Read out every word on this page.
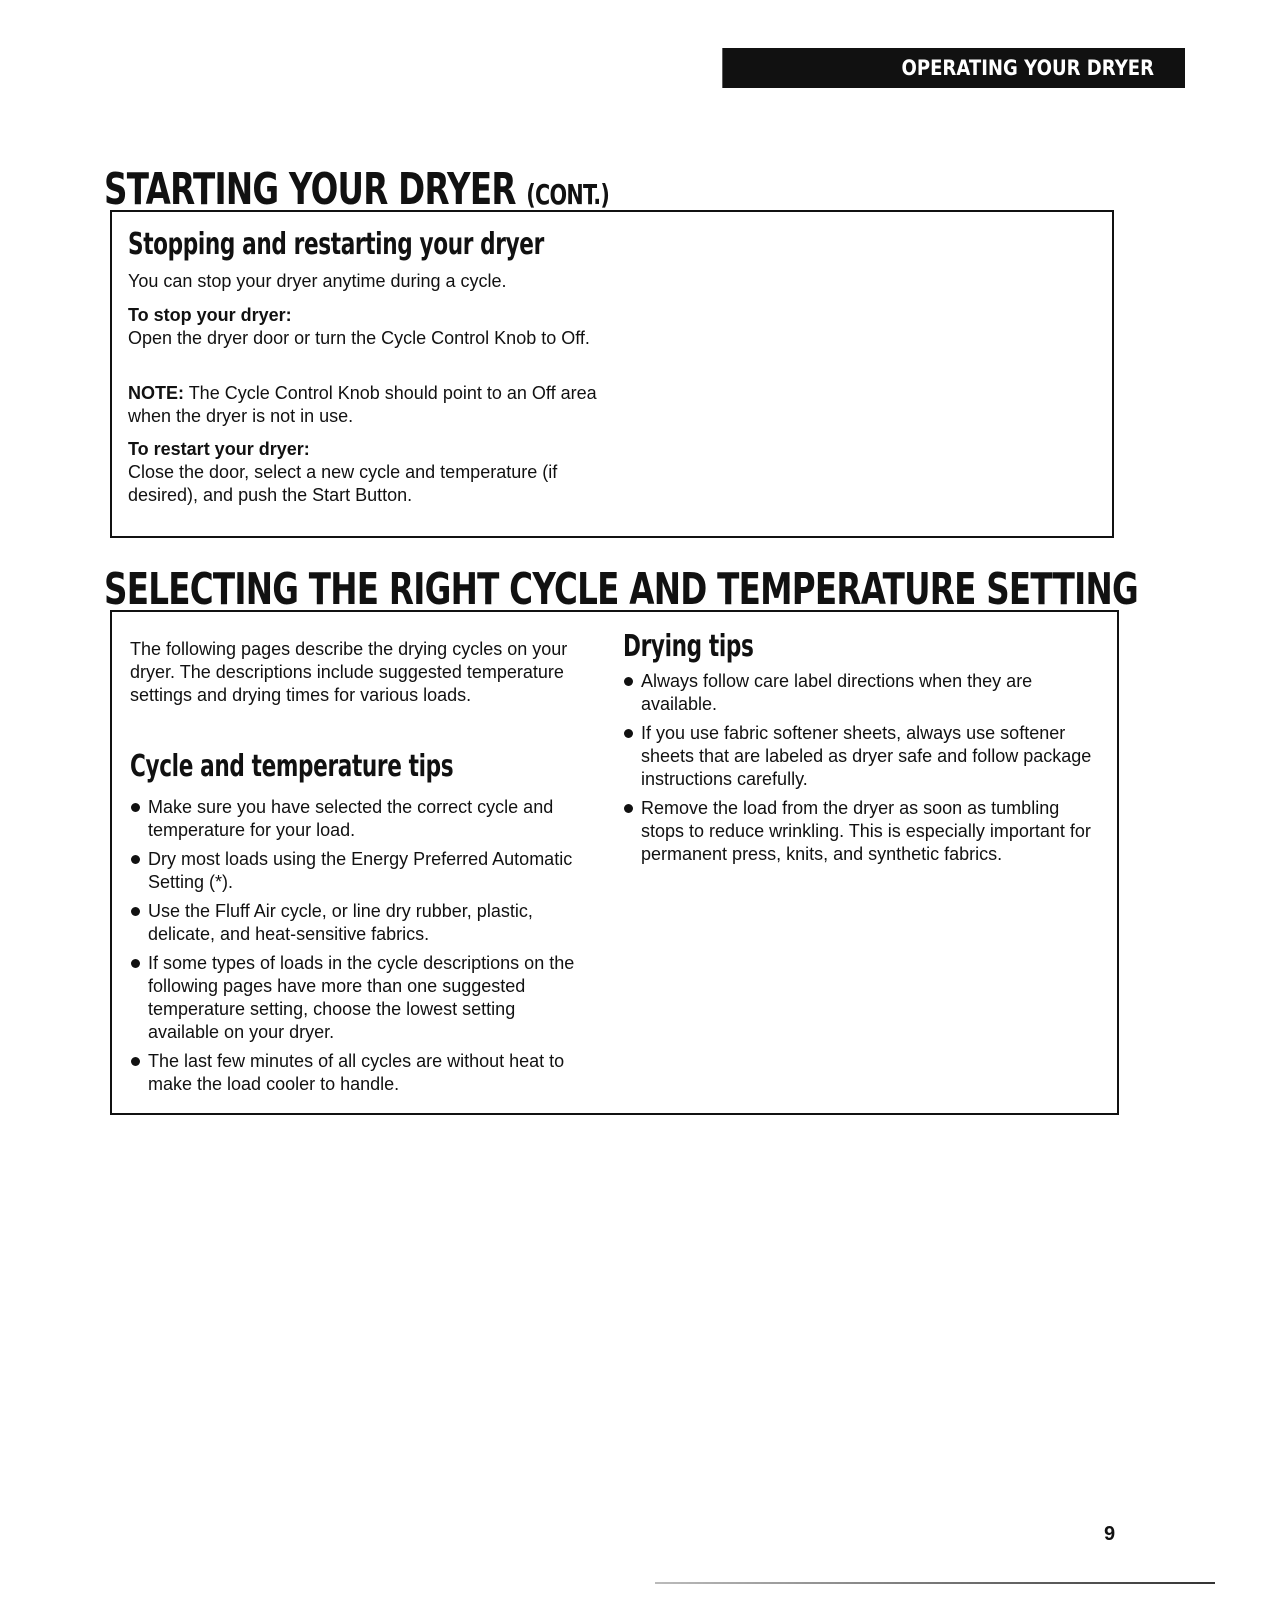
OPERATING YOUR DRYER
STARTING YOUR DRYER (CONT.)
Stopping and restarting your dryer

You can stop your dryer anytime during a cycle.

To stop your dryer:
Open the dryer door or turn the Cycle Control Knob to Off.

NOTE: The Cycle Control Knob should point to an Off area when the dryer is not in use.

To restart your dryer:
Close the door, select a new cycle and temperature (if desired), and push the Start Button.

SELECTING THE RIGHT CYCLE AND TEMPERATURE SETTING

The following pages describe the drying cycles on your dryer. The descriptions include suggested temperature settings and drying times for various loads.

Cycle and temperature tips
Make sure you have selected the correct cycle and temperature for your load.
Dry most loads using the Energy Preferred Automatic Setting (*).
Use the Fluff Air cycle, or line dry rubber, plastic, delicate, and heat-sensitive fabrics.
If some types of loads in the cycle descriptions on the following pages have more than one suggested temperature setting, choose the lowest setting available on your dryer.
The last few minutes of all cycles are without heat to make the load cooler to handle.
Drying tips
Always follow care label directions when they are available.
If you use fabric softener sheets, always use softener sheets that are labeled as dryer safe and follow package instructions carefully.
Remove the load from the dryer as soon as tumbling stops to reduce wrinkling. This is especially important for permanent press, knits, and synthetic fabrics.
9
